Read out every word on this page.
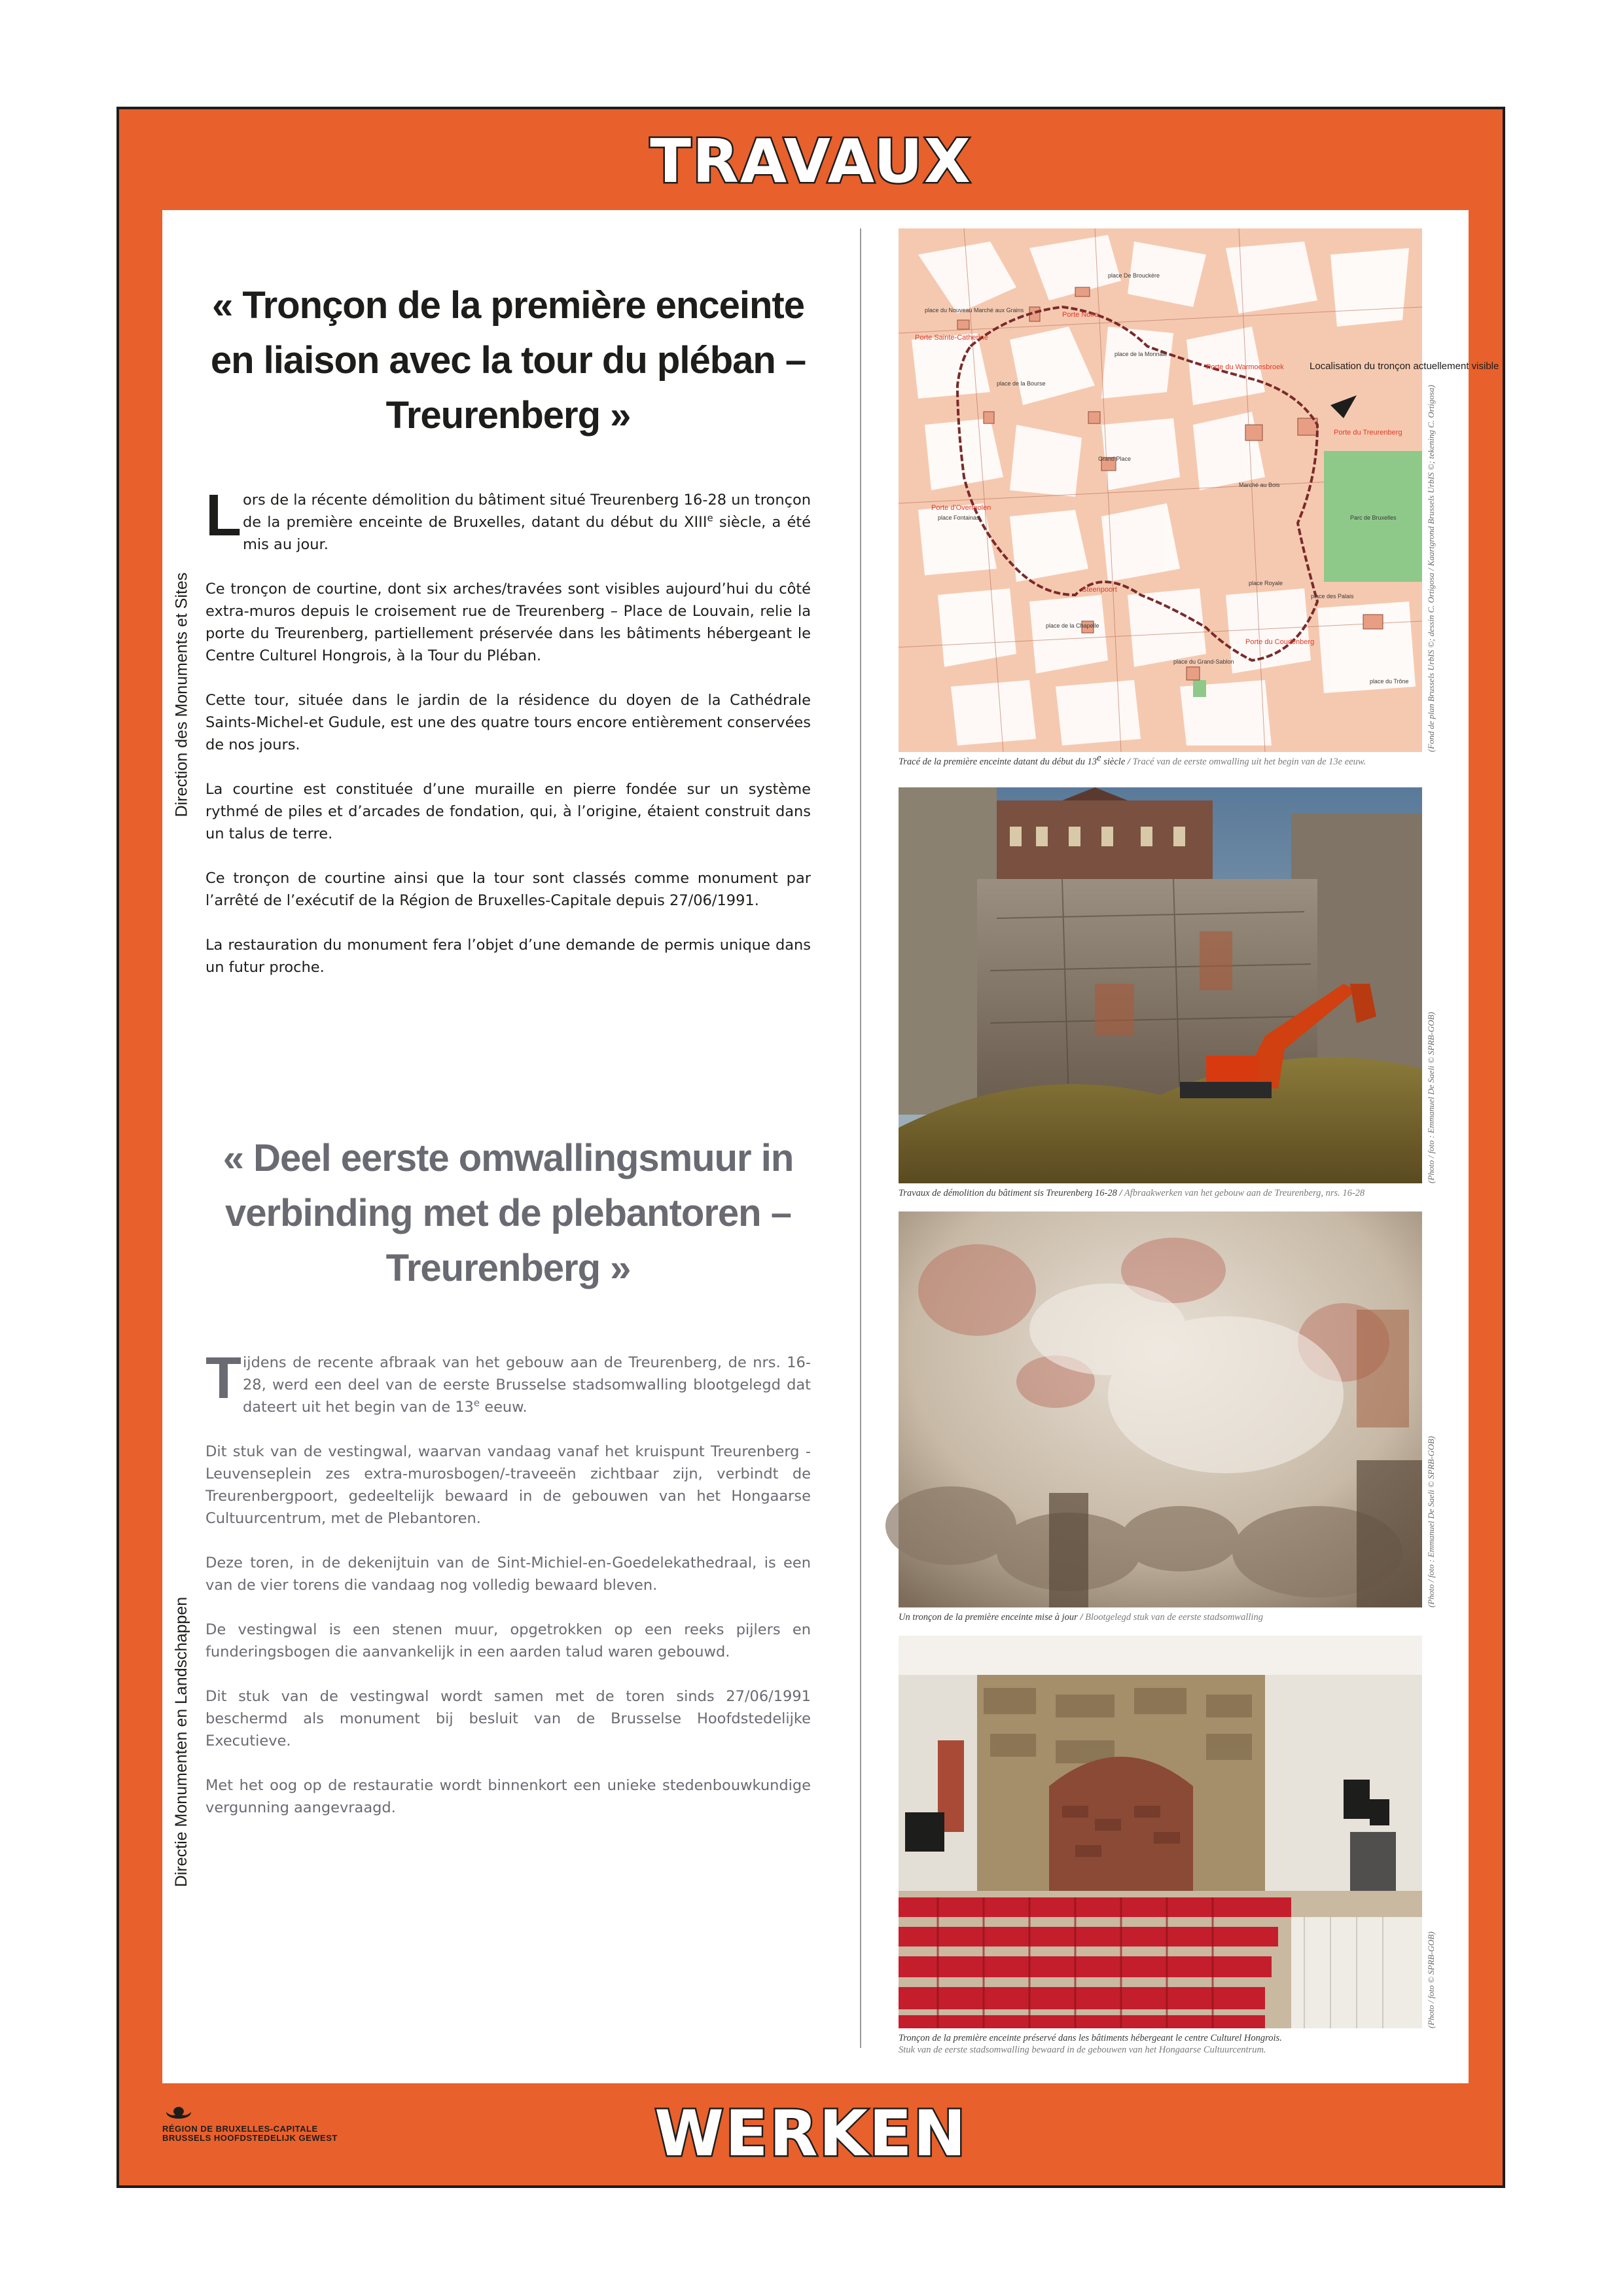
TRAVAUX
Direction des Monuments et Sites
Directie Monumenten en Landschappen
« Tronçon de la première enceinte en liaison avec la tour du pléban – Treurenberg »

Lors de la récente démolition du bâtiment situé Treurenberg 16-28 un tronçon de la première enceinte de Bruxelles, datant du début du XIIIe siècle, a été mis au jour.

Ce tronçon de courtine, dont six arches/travées sont visibles aujourd’hui du côté extra-muros depuis le croisement rue de Treurenberg – Place de Louvain, relie la porte du Treurenberg, partiellement préservée dans les bâtiments hébergeant le Centre Culturel Hongrois, à la Tour du Pléban.

Cette tour, située dans le jardin de la résidence du doyen de la Cathédrale Saints-Michel-et Gudule, est une des quatre tours encore entièrement conservées de nos jours.

La courtine est constituée d’une muraille en pierre fondée sur un système rythmé de piles et d’arcades de fondation, qui, à l’origine, étaient construit dans un talus de terre.

Ce tronçon de courtine ainsi que la tour sont classés comme monument par l’arrêté de l’exécutif de la Région de Bruxelles-Capitale depuis 27/06/1991.

La restauration du monument fera l’objet d’une demande de permis unique dans un futur proche.

« Deel eerste omwallingsmuur in verbinding met de plebantoren – Treurenberg »

Tijdens de recente afbraak van het gebouw aan de Treurenberg, de nrs. 16-28, werd een deel van de eerste Brusselse stadsomwalling blootgelegd dat dateert uit het begin van de 13e eeuw.

Dit stuk van de vestingwal, waarvan vandaag vanaf het kruispunt Treurenberg - Leuvenseplein zes extra-murosbogen/-traveeën zichtbaar zijn, verbindt de Treurenbergpoort, gedeeltelijk bewaard in de gebouwen van het Hongaarse Cultuurcentrum, met de Plebantoren.

Deze toren, in de dekenijtuin van de Sint-Michiel-en-Goedelekathedraal, is een van de vier torens die vandaag nog volledig bewaard bleven.

De vestingwal is een stenen muur, opgetrokken op een reeks pijlers en funderingsbogen die aanvankelijk in een aarden talud waren gebouwd.

Dit stuk van de vestingwal wordt samen met de toren sinds 27/06/1991 beschermd als monument bij besluit van de Brusselse Hoofdstedelijke Executieve.

Met het oog op de restauratie wordt binnenkort een unieke stedenbouwkundige vergunning aangevraagd.

Localisation du tronçon actuellement visible
Porte Noire
Porte Sainte-Catherine
Porte du Warmoesbroek
Porte du Treurenberg
Porte d'Overmolen
Steenpoort
Porte du Coudenberg
place du Nouveau Marché aux Grains
place De Brouckère
place de la Monnaie
place de la Bourse
Grand Place
Marché au Bois
place Fontainas
place de la Chapelle
place du Grand-Sablon
place Royale
place des Palais
place du Trône
Parc de Bruxelles
Tracé de la première enceinte datant du début du 13e siècle / Tracé van de eerste omwalling uit het begin van de 13e eeuw.
(Fond de plan Brussels UrbIS ©; dessin C. Ortigosa / Kaartgrond Brussels UrbIS ©; tekening C. Ortigosa)
Travaux de démolition du bâtiment sis Treurenberg 16-28 / Afbraakwerken van het gebouw aan de Treurenberg, nrs. 16-28
(Photo / foto : Emmanuel De Saeli © SPRB-GOB)
Un tronçon de la première enceinte mise à jour / Blootgelegd stuk van de eerste stadsomwalling
(Photo / foto : Emmanuel De Saeli © SPRB-GOB)
Tronçon de la première enceinte préservé dans les bâtiments hébergeant le centre Culturel Hongrois.
Stuk van de eerste stadsomwalling bewaard in de gebouwen van het Hongaarse Cultuurcentrum.
(Photo / foto © SPRB-GOB)
RÉGION DE BRUXELLES-CAPITALE
BRUSSELS HOOFDSTEDELIJK GEWEST	WERKEN
